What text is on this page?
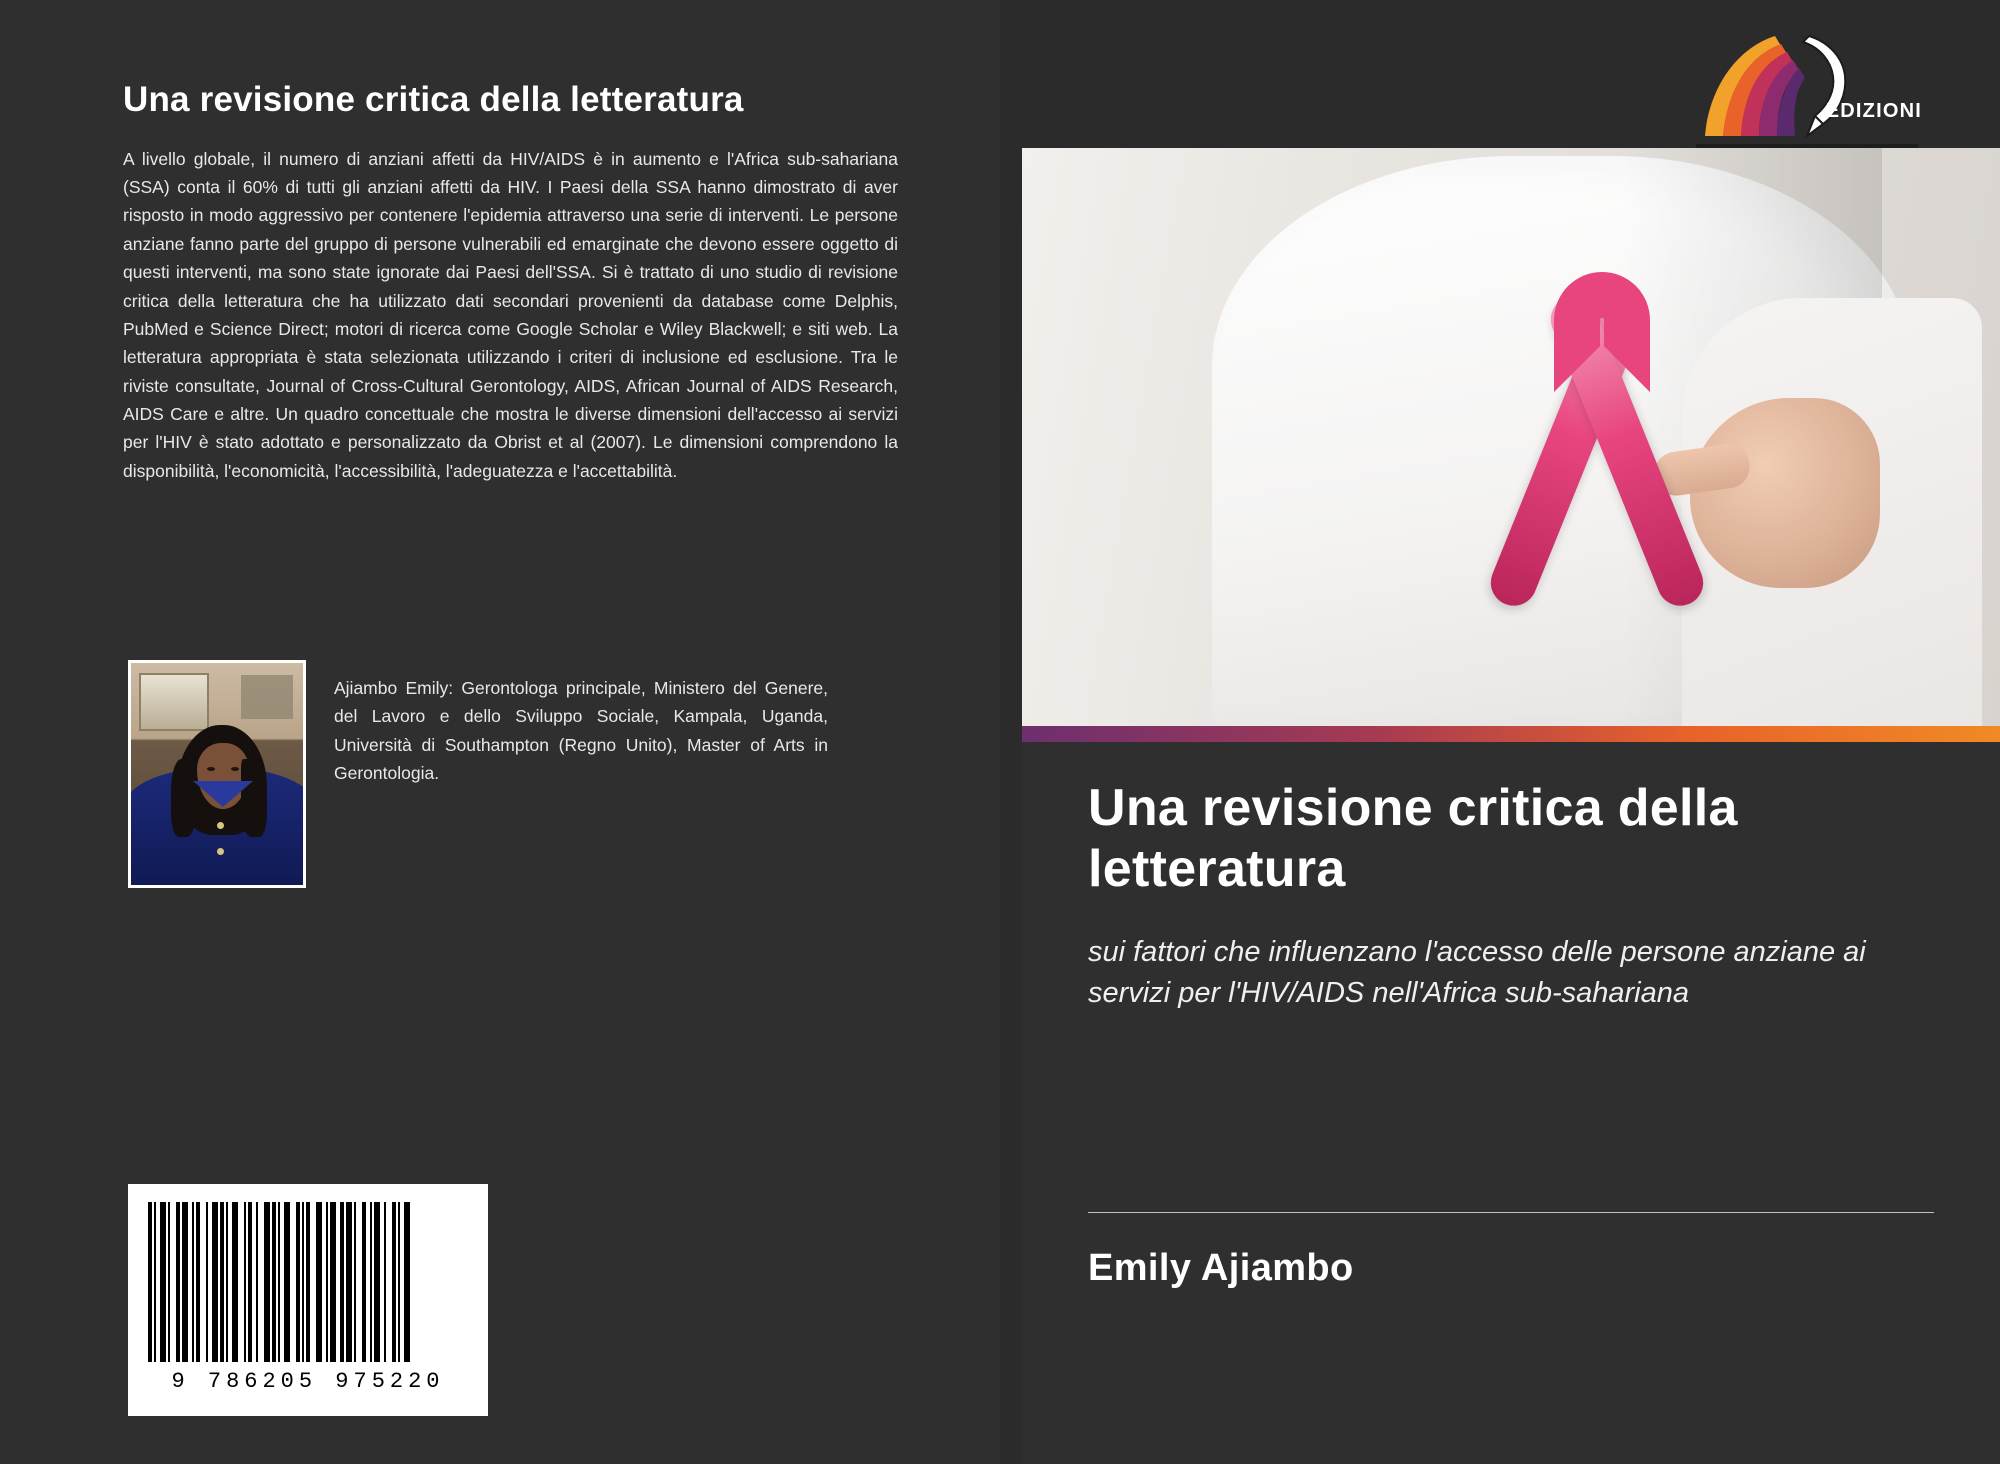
Una revisione critica della letteratura

A livello globale, il numero di anziani affetti da HIV/AIDS è in aumento e l'Africa sub-sahariana (SSA) conta il 60% di tutti gli anziani affetti da HIV. I Paesi della SSA hanno dimostrato di aver risposto in modo aggressivo per contenere l'epidemia attraverso una serie di interventi. Le persone anziane fanno parte del gruppo di persone vulnerabili ed emarginate che devono essere oggetto di questi interventi, ma sono state ignorate dai Paesi dell'SSA. Si è trattato di uno studio di revisione critica della letteratura che ha utilizzato dati secondari provenienti da database come Delphis, PubMed e Science Direct; motori di ricerca come Google Scholar e Wiley Blackwell; e siti web. La letteratura appropriata è stata selezionata utilizzando i criteri di inclusione ed esclusione. Tra le riviste consultate, Journal of Cross-Cultural Gerontology, AIDS, African Journal of AIDS Research, AIDS Care e altre. Un quadro concettuale che mostra le diverse dimensioni dell'accesso ai servizi per l'HIV è stato adottato e personalizzato da Obrist et al (2007). Le dimensioni comprendono la disponibilità, l'economicità, l'accessibilità, l'adeguatezza e l'accettabilità.

Ajiambo Emily: Gerontologa principale, Ministero del Genere, del Lavoro e dello Sviluppo Sociale, Kampala, Uganda, Università di Southampton (Regno Unito), Master of Arts in Gerontologia.
9 786205 975220
EDIZIONI
Una revisione critica della letteratura

sui fattori che influenzano l'accesso delle persone anziane ai servizi per l'HIV/AIDS nell'Africa sub-sahariana

Emily Ajiambo
